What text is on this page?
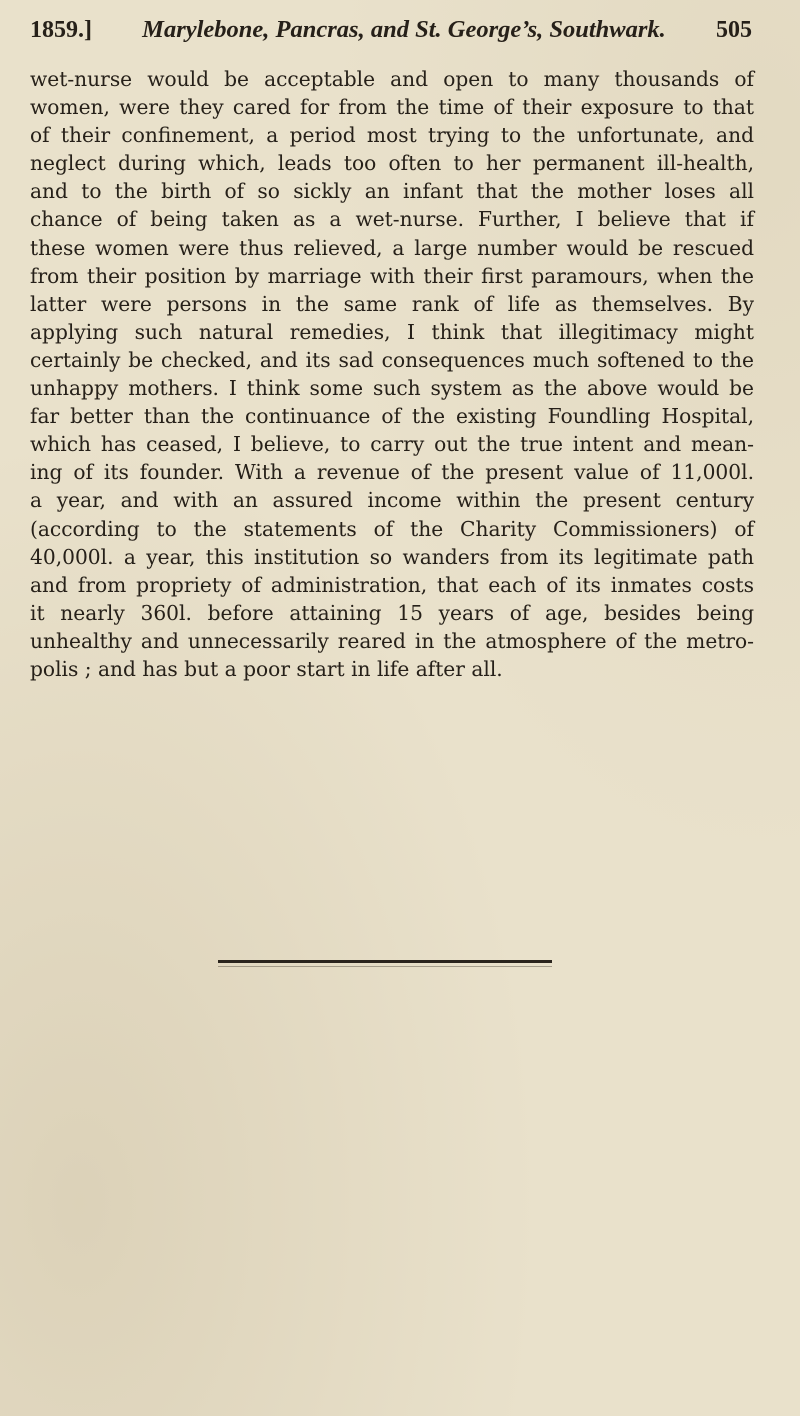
1859.] Marylebone, Pancras, and St. George’s, Southwark. 505
wet-nurse would be acceptable and open to many thousands of
women, were they cared for from the time of their exposure to that
of their confinement, a period most trying to the unfortunate, and
neglect during which, leads too often to her permanent ill-health,
and to the birth of so sickly an infant that the mother loses all
chance of being taken as a wet-nurse. Further, I believe that if
these women were thus relieved, a large number would be rescued
from their position by marriage with their first paramours, when the
latter were persons in the same rank of life as themselves. By
applying such natural remedies, I think that illegitimacy might
certainly be checked, and its sad consequences much softened to the
unhappy mothers. I think some such system as the above would be
far better than the continuance of the existing Foundling Hospital,
which has ceased, I believe, to carry out the true intent and mean-
ing of its founder. With a revenue of the present value of 11,000l.
a year, and with an assured income within the present century
(according to the statements of the Charity Commissioners) of
40,000l. a year, this institution so wanders from its legitimate path
and from propriety of administration, that each of its inmates costs
it nearly 360l. before attaining 15 years of age, besides being
unhealthy and unnecessarily reared in the atmosphere of the metro-
polis ; and has but a poor start in life after all.
